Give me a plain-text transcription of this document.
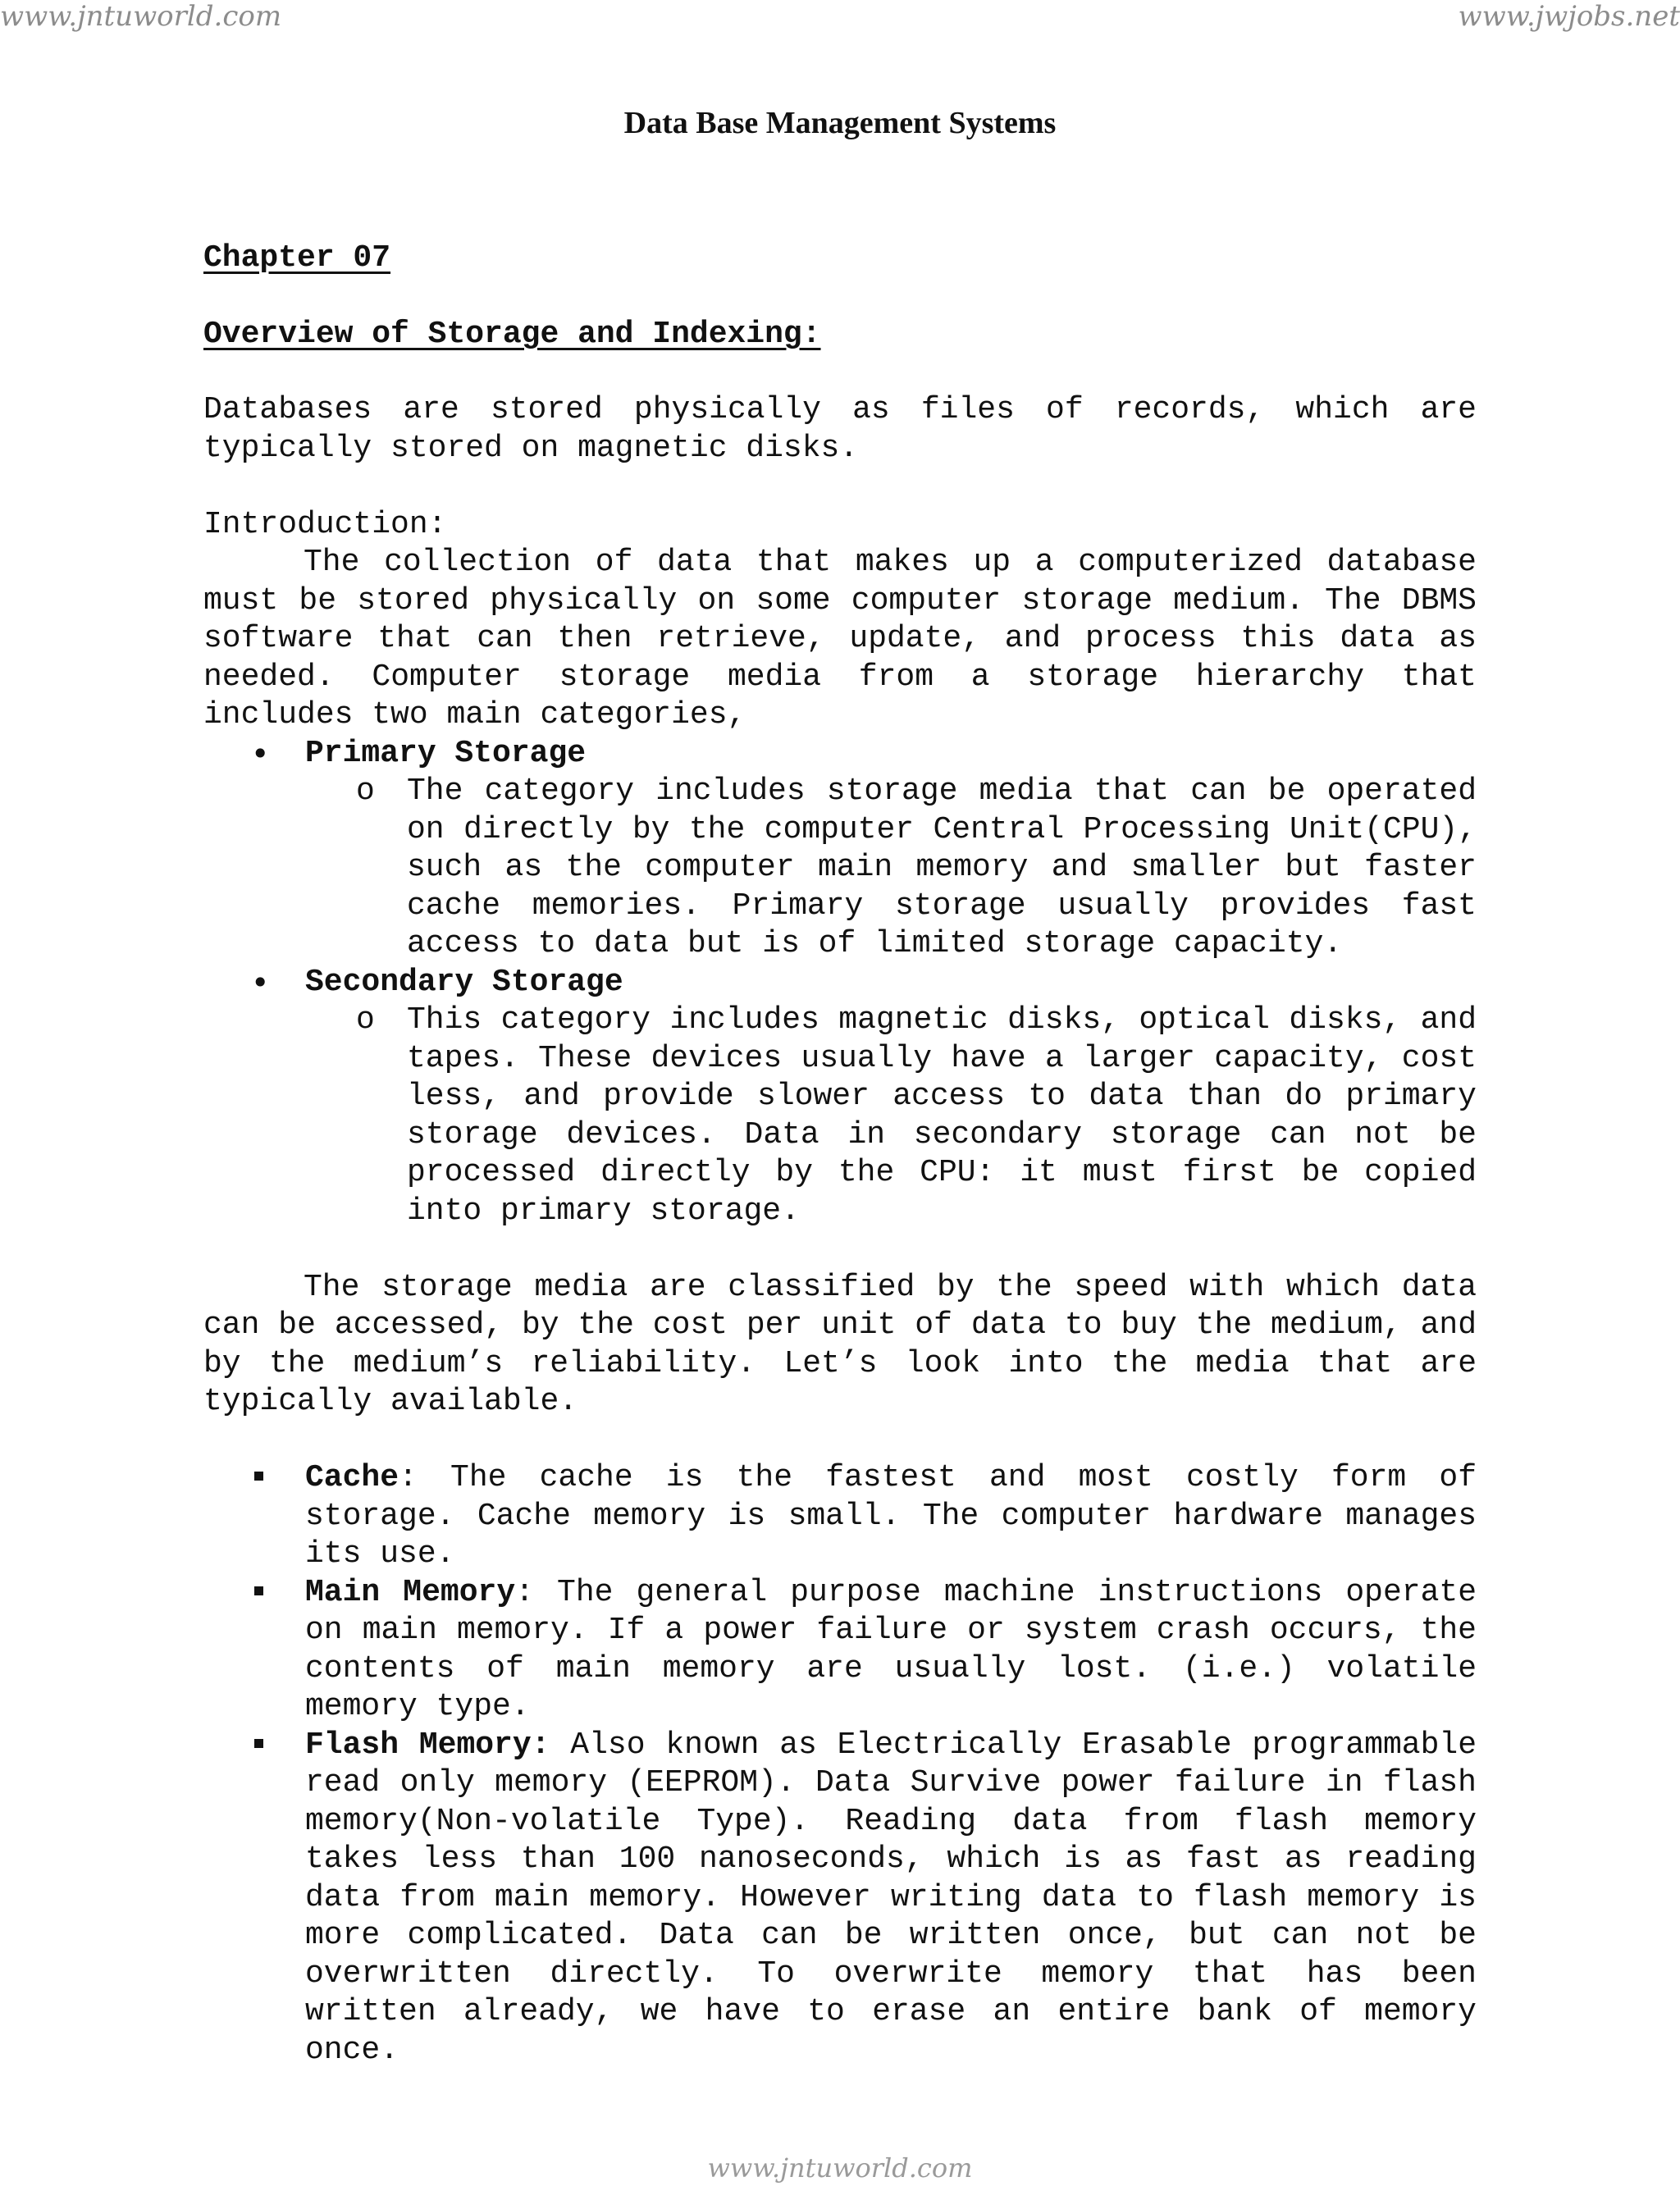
www.jntuworld.com	www.jwjobs.net
Data Base Management Systems

Chapter 07

Overview of Storage and Indexing:

Databases are stored physically as files of records, which are typically stored on magnetic disks.

Introduction:

The collection of data that makes up a computerized database must be stored physically on some computer storage medium. The DBMS software that can then retrieve, update, and process this data as needed. Computer storage media from a storage hierarchy that includes two main categories,

• Primary Storage
o The category includes storage media that can be operated on directly by the computer Central Processing Unit(CPU), such as the computer main memory and smaller but faster cache memories. Primary storage usually provides fast access to data but is of limited storage capacity.
• Secondary Storage
o This category includes magnetic disks, optical disks, and tapes. These devices usually have a larger capacity, cost less, and provide slower access to data than do primary storage devices. Data in secondary storage can not be processed directly by the CPU: it must first be copied into primary storage.

The storage media are classified by the speed with which data can be accessed, by the cost per unit of data to buy the medium, and by the medium’s reliability. Let’s look into the media that are typically available.

Cache: The cache is the fastest and most costly form of storage. Cache memory is small. The computer hardware manages its use.
Main Memory: The general purpose machine instructions operate on main memory. If a power failure or system crash occurs, the contents of main memory are usually lost. (i.e.) volatile memory type.
Flash Memory: Also known as Electrically Erasable programmable read only memory (EEPROM). Data Survive power failure in flash memory(Non-volatile Type). Reading data from flash memory takes less than 100 nanoseconds, which is as fast as reading data from main memory. However writing data to flash memory is more complicated. Data can be written once, but can not be overwritten directly. To overwrite memory that has been written already, we have to erase an entire bank of memory once.
www.jntuworld.com
